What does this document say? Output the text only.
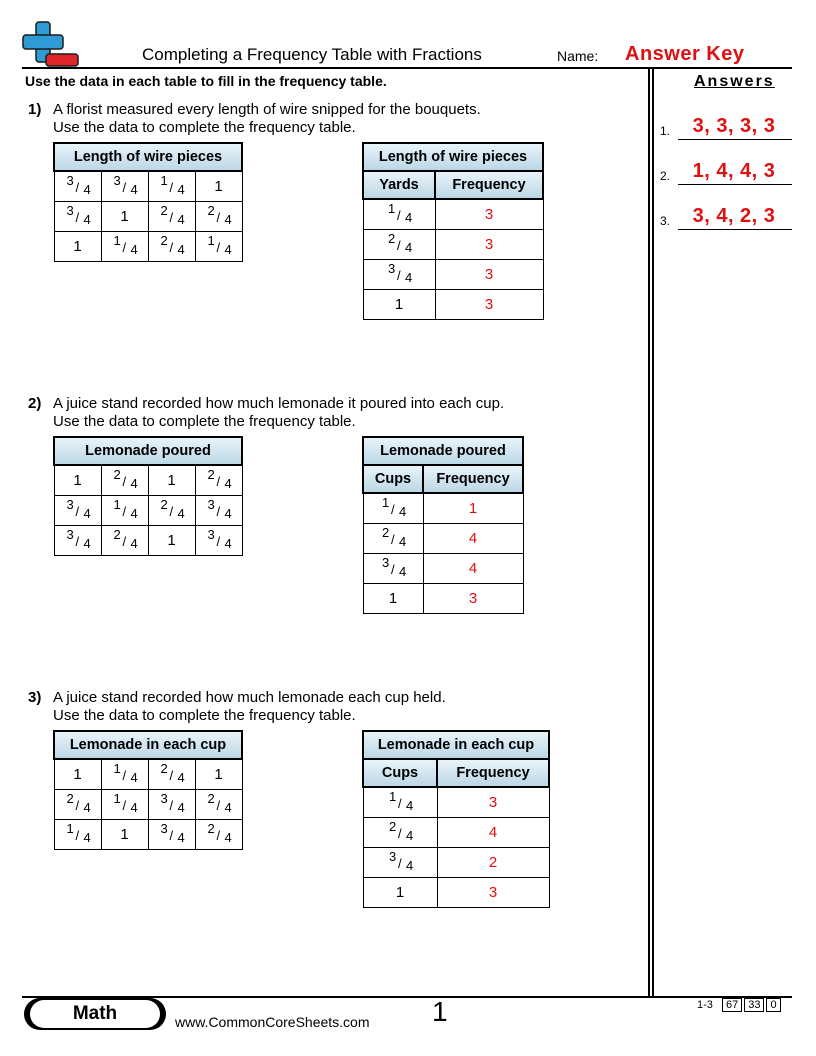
Completing a Frequency Table with Fractions	Name: Answer Key
Use the data in each table to fill in the frequency table.	Answers
1.	3, 3, 3, 3
2.	1, 4, 4, 3
3.	3, 4, 2, 3
1) A florist measured every length of wire snipped for the bouquets.
Use the data to complete the frequency table.
Length of wire pieces			

3 / 4	3 / 4	1 / 4	1

3 / 4	1	2 / 4	2 / 4

1	1 / 4	2 / 4	1 / 4
Length of wire pieces	
Yards	Frequency

1 / 4	3

2 / 4	3

3 / 4	3
1	3
2) A juice stand recorded how much lemonade it poured into each cup.
Use the data to complete the frequency table.
Lemonade poured			
1	2 / 4	1	2 / 4

3 / 4	1 / 4	2 / 4	3 / 4

3 / 4	2 / 4	1	3 / 4
Lemonade poured	
Cups	Frequency

1 / 4	1

2 / 4	4

3 / 4	4
1	3
3) A juice stand recorded how much lemonade each cup held.
Use the data to complete the frequency table.
Lemonade in each cup			
1	1 / 4	2 / 4	1

2 / 4	1 / 4	3 / 4	2 / 4

1 / 4	1	3 / 4	2 / 4
Lemonade in each cup	
Cups	Frequency

1 / 4	3

2 / 4	4

3 / 4	2
1	3
Math	www.CommonCoreSheets.com 1	1-3 67 33 0
